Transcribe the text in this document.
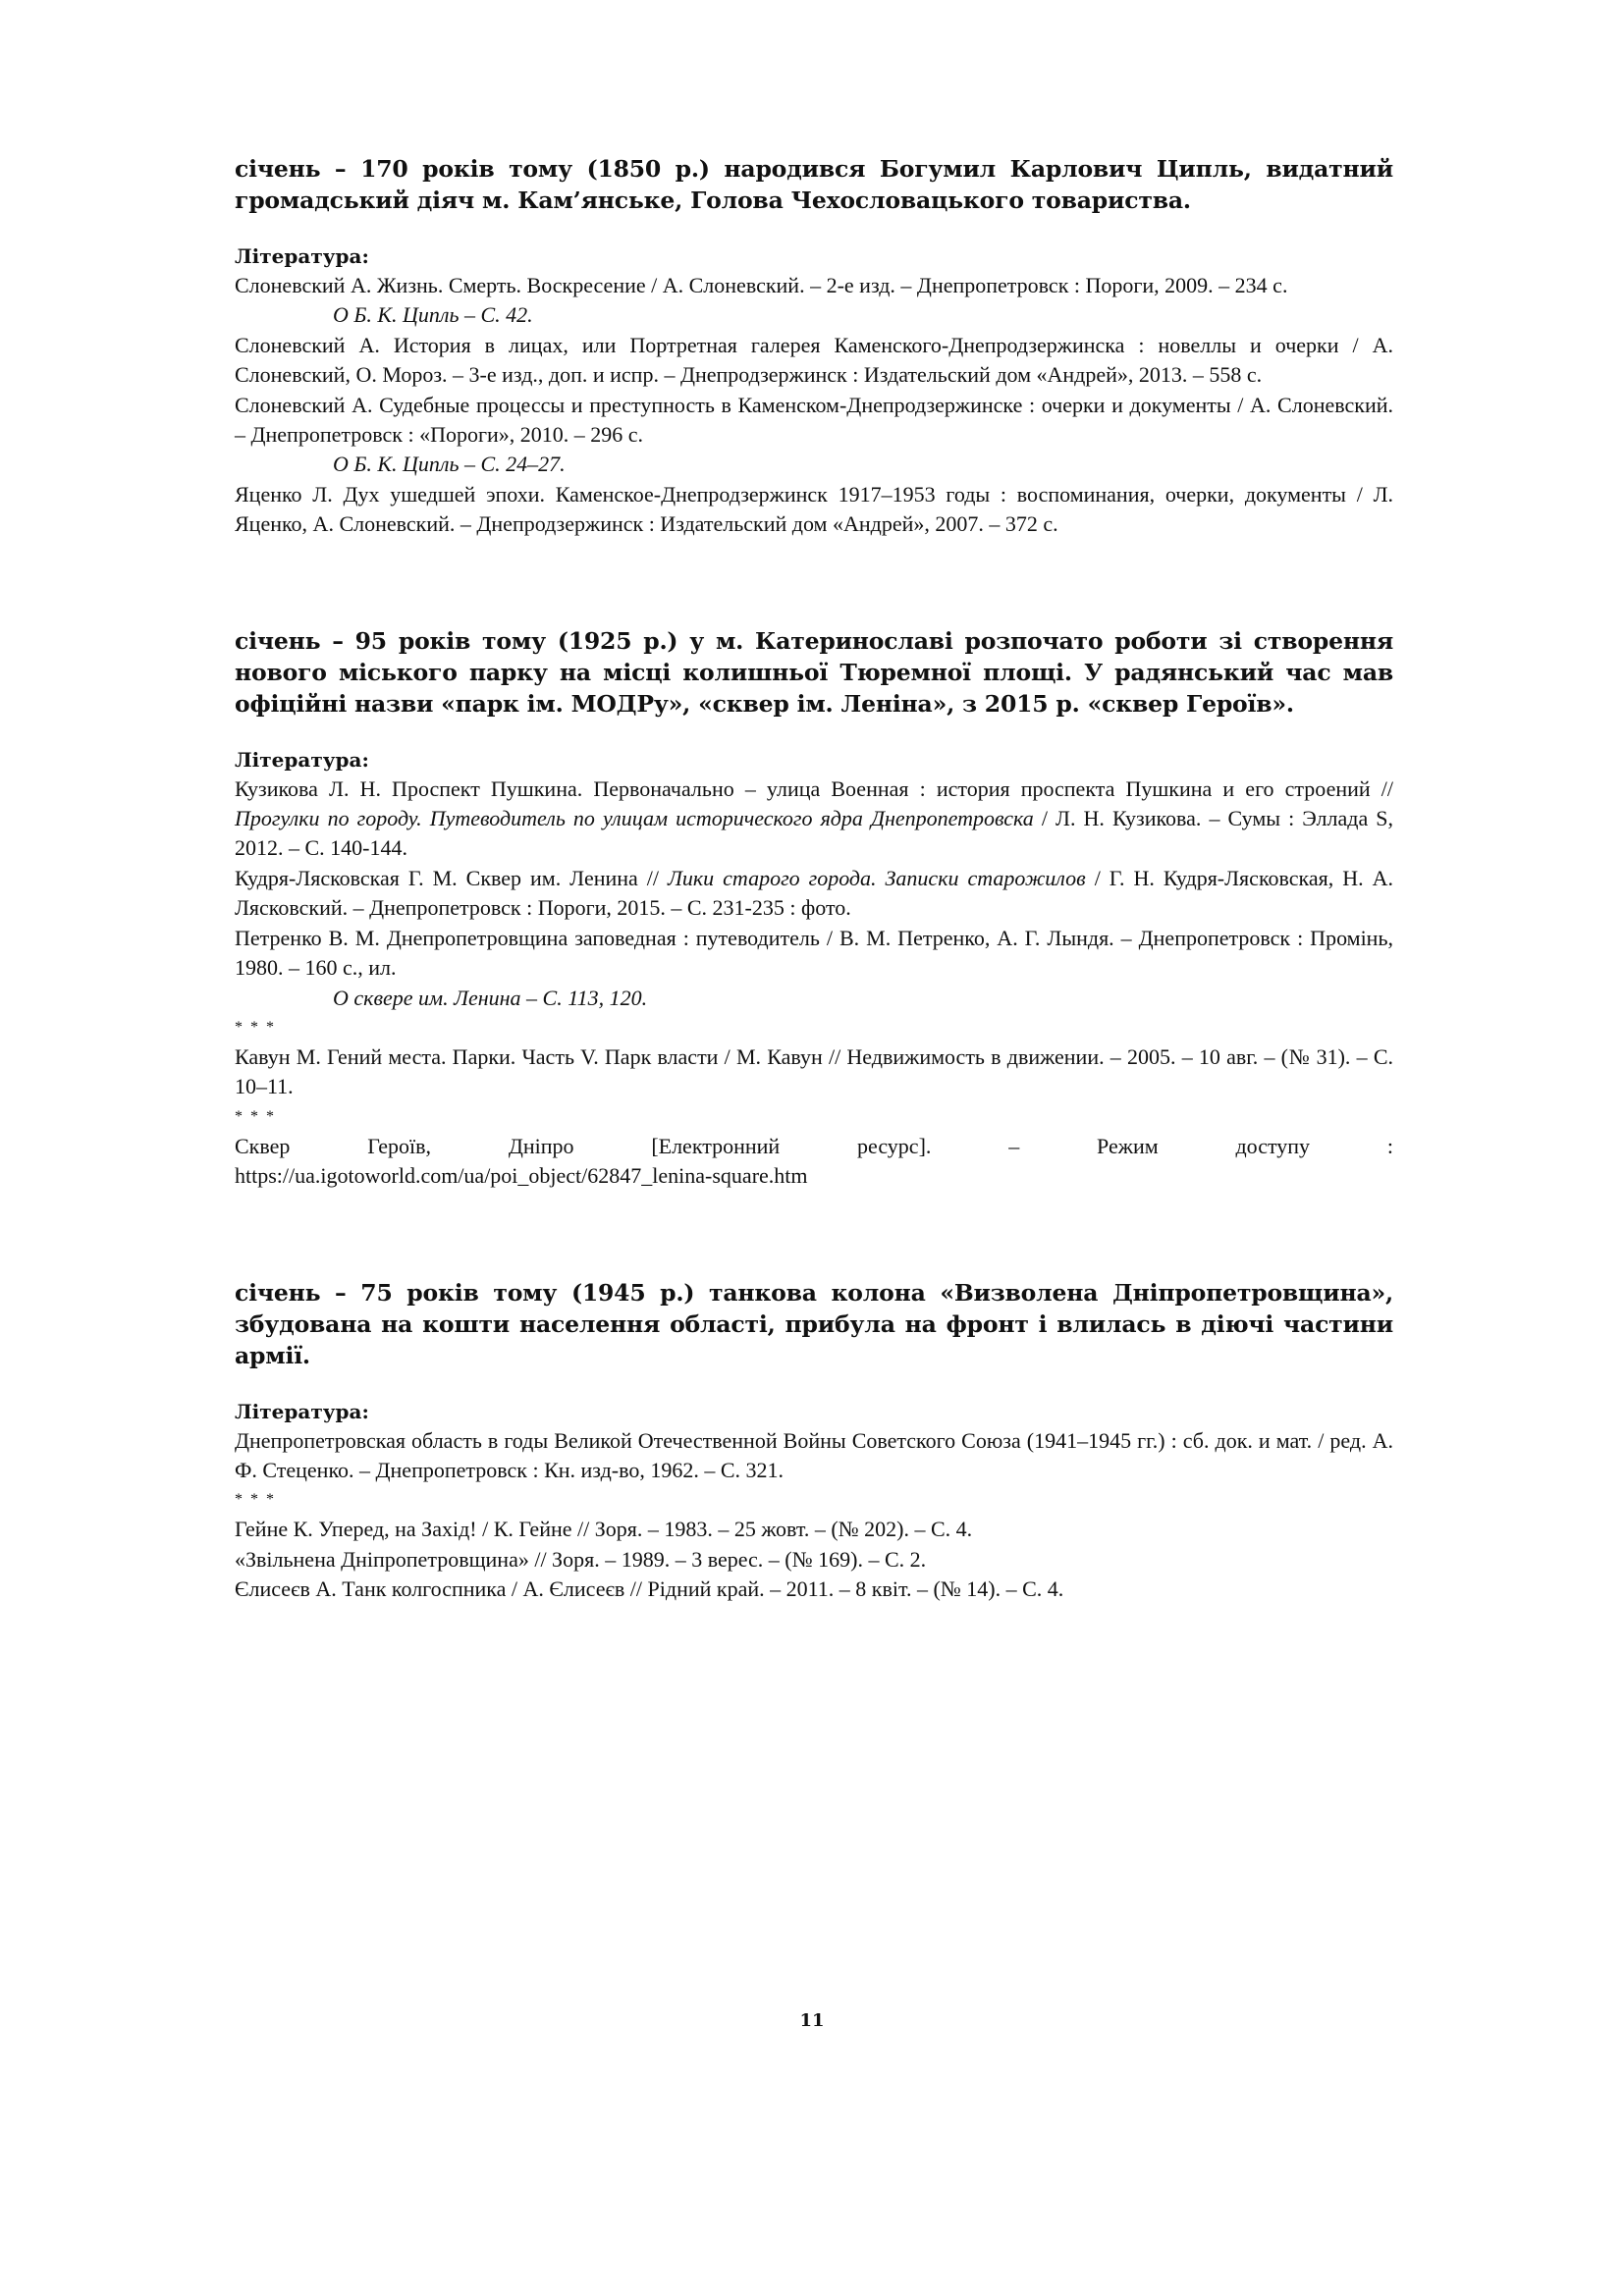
січень – 170 років тому (1850 р.) народився Богумил Карлович Ципль, видатний громадський діяч м. Кам’янське, Голова Чехословацького товариства.

Література:

Слоневский А. Жизнь. Смерть. Воскресение / А. Слоневский. – 2-е изд. – Днепропетровск : Пороги, 2009. – 234 с.

О Б. К. Ципль – С. 42.

Слоневский А. История в лицах, или Портретная галерея Каменского-Днепродзержинска : новеллы и очерки / А. Слоневский, О. Мороз. – 3-е изд., доп. и испр. – Днепродзержинск : Издательский дом «Андрей», 2013. – 558 с.

Слоневский А. Судебные процессы и преступность в Каменском-Днепродзержинске : очерки и документы / А. Слоневский. – Днепропетровск : «Пороги», 2010. – 296 с.

О Б. К. Ципль – С. 24–27.

Яценко Л. Дух ушедшей эпохи. Каменское-Днепродзержинск 1917–1953 годы : воспоминания, очерки, документы / Л. Яценко, А. Слоневский. – Днепродзержинск : Издательский дом «Андрей», 2007. – 372 с.

січень – 95 років тому (1925 р.) у м. Катеринославі розпочато роботи зі створення нового міського парку на місці колишньої Тюремної площі. У радянський час мав офіційні назви «парк ім. МОДРу», «сквер ім. Леніна», з 2015 р. «сквер Героїв».

Література:

Кузикова Л. Н. Проспект Пушкина. Первоначально – улица Военная : история проспекта Пушкина и его строений // Прогулки по городу. Путеводитель по улицам исторического ядра Днепропетровска / Л. Н. Кузикова. – Сумы : Эллада S, 2012. – С. 140-144.

Кудря-Лясковская Г. М. Сквер им. Ленина // Лики старого города. Записки старожилов / Г. Н. Кудря-Лясковская, Н. А. Лясковский. – Днепропетровск : Пороги, 2015. – С. 231-235 : фото.

Петренко В. М. Днепропетровщина заповедная : путеводитель / В. М. Петренко, А. Г. Лындя. – Днепропетровск : Промінь, 1980. – 160 с., ил.

О сквере им. Ленина – С. 113, 120.

* * *

Кавун М. Гений места. Парки. Часть V. Парк власти / М. Кавун // Недвижимость в движении. – 2005. – 10 авг. – (№ 31). – С. 10–11.

* * *

Сквер	Героїв,	Дніпро	[Електронний	ресурс].	–	Режим	доступу	:

https://ua.igotoworld.com/ua/poi_object/62847_lenina-square.htm

січень – 75 років тому (1945 р.) танкова колона «Визволена Дніпропетровщина», збудована на кошти населення області, прибула на фронт і влилась в діючі частини армії.

Література:

Днепропетровская область в годы Великой Отечественной Войны Советского Союза (1941–1945 гг.) : сб. док. и мат. / ред. А. Ф. Стеценко. – Днепропетровск : Кн. изд-во, 1962. – С. 321.

* * *

Гейне К. Уперед, на Захід! / К. Гейне // Зоря. – 1983. – 25 жовт. – (№ 202). – С. 4.

«Звільнена Дніпропетровщина» // Зоря. – 1989. – 3 верес. – (№ 169). – С. 2.

Єлисеєв А. Танк колгоспника / А. Єлисеєв // Рідний край. – 2011. – 8 квіт. – (№ 14). – С. 4.

11
